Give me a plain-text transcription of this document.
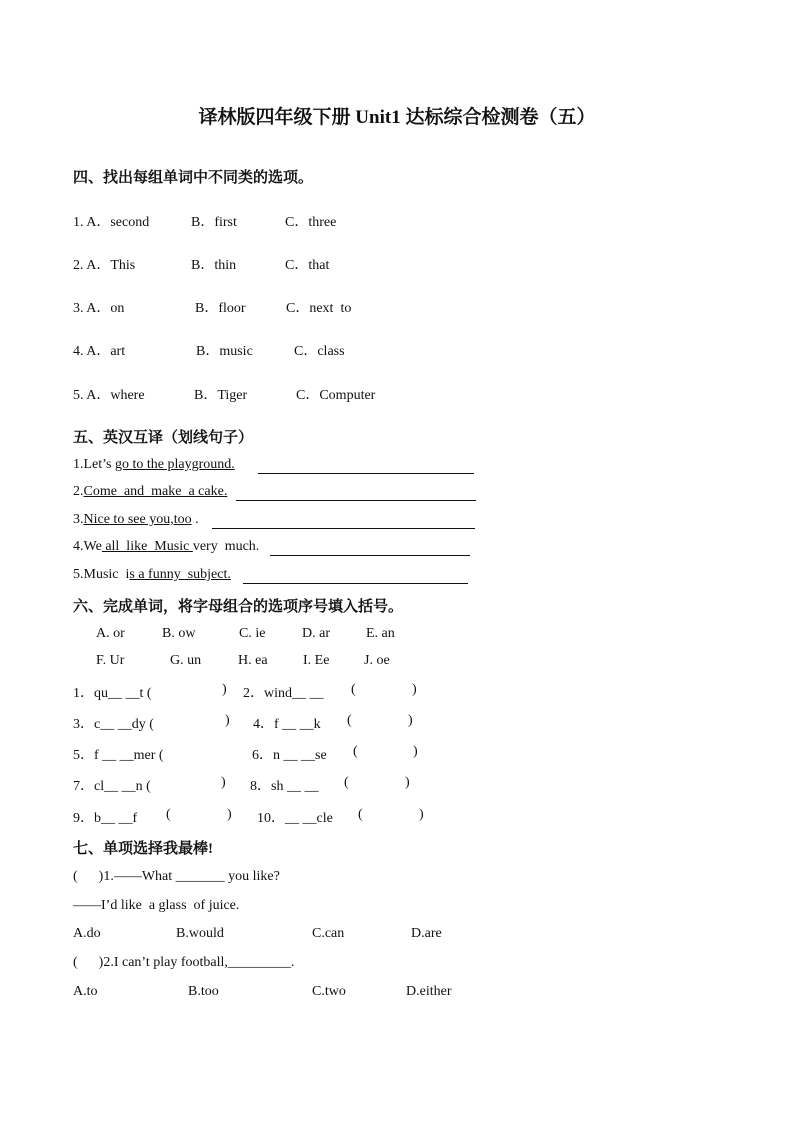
译林版四年级下册 Unit1 达标综合检测卷（五）
四、找出每组单词中不同类的选项。
1. A．second	B．first	C．three
2. A．This	B．thin	C．that
3. A．on	B．floor	C．next  to
4. A．art	B．music	C．class
5. A．where	B．Tiger	C．Computer
五、英汉互译（划线句子）
1.Let’s go to the playground.
2.Come  and  make  a cake.
3.Nice to see you,too .
4.We all  like  Music very  much.
5.Music  is a funny  subject.
六、完成单词，将字母组合的选项序号填入括号。
A. or	B. ow	C. ie	D. ar	E. an
F. Ur	G. un	H. ea	I. Ee J. oe
1．qu__ __t (	) 2．wind__ __ (	)
3．c__ __dy (	) 4．f __ __k (	)
5．f __ __mer (	6．n __ __se (	)
7．cl__ __n (	) 8．sh __ __ (	)
9．b__ __f (	) 10．__ __cle (	)
七、单项选择我最棒!
(      )1.——What _______ you like?
——I’d like  a glass  of juice.
A.do	B.would	C.can	D.are
(      )2.I can’t play football,_________.
A.to	B.too	C.two	D.either
